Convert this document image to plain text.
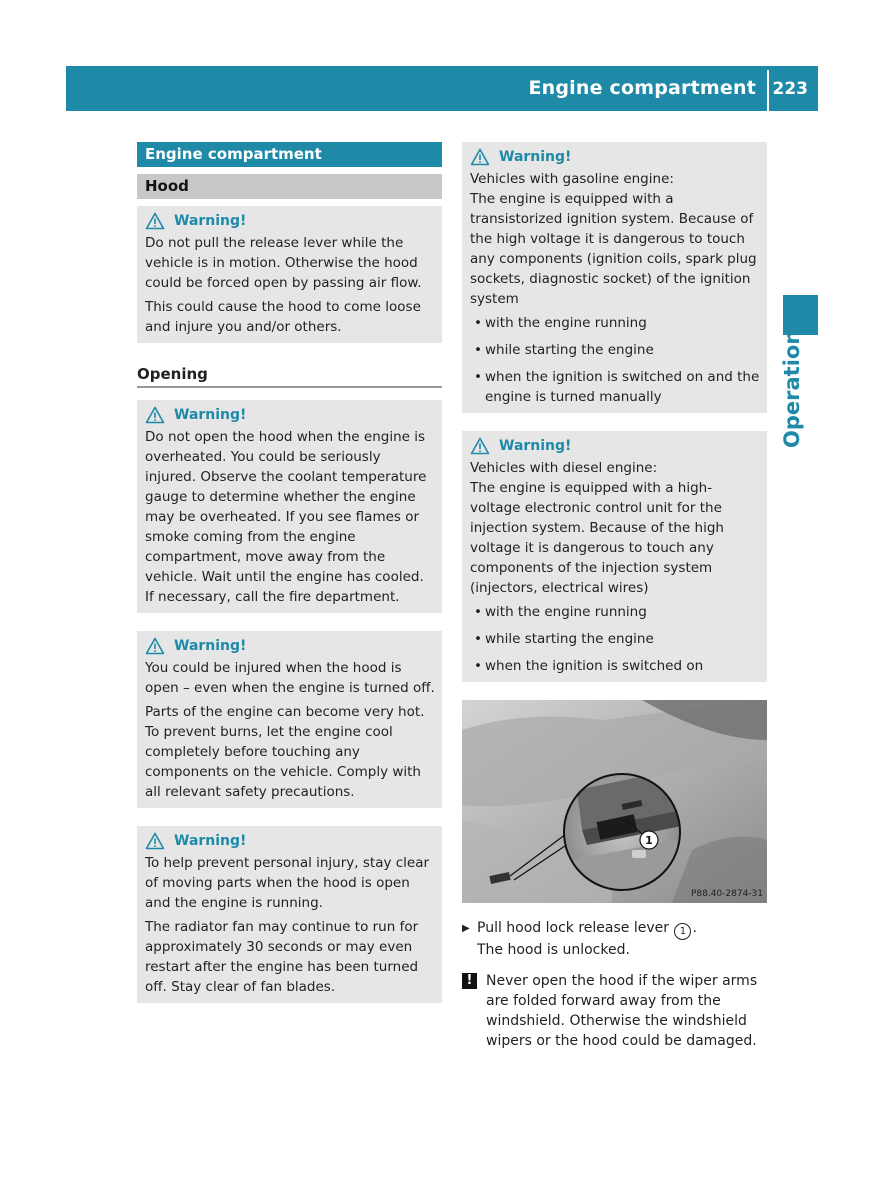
Engine compartment 223
Operation
Engine compartment
Hood
Warning!

Do not pull the release lever while the vehicle is in motion. Otherwise the hood could be forced open by passing air flow.

This could cause the hood to come loose and injure you and/or others.

Opening
Warning!

Do not open the hood when the engine is overheated. You could be seriously injured. Observe the coolant temperature gauge to determine whether the engine may be overheated. If you see flames or smoke coming from the engine compartment, move away from the vehicle. Wait until the engine has cooled. If necessary, call the fire department.

Warning!

You could be injured when the hood is open – even when the engine is turned off.

Parts of the engine can become very hot. To prevent burns, let the engine cool completely before touching any components on the vehicle. Comply with all relevant safety precautions.

Warning!

To help prevent personal injury, stay clear of moving parts when the hood is open and the engine is running.

The radiator fan may continue to run for approximately 30 seconds or may even restart after the engine has been turned off. Stay clear of fan blades.

Warning!

Vehicles with gasoline engine:

The engine is equipped with a transistorized ignition system. Because of the high voltage it is dangerous to touch any components (ignition coils, spark plug sockets, diagnostic socket) of the ignition system

• with the engine running
• while starting the engine
• when the ignition is switched on and the engine is turned manually
Warning!

Vehicles with diesel engine:

The engine is equipped with a high-voltage electronic control unit for the injection system. Because of the high voltage it is dangerous to touch any components of the injection system (injectors, electrical wires)

• with the engine running
• while starting the engine
• when the ignition is switched on
1
P88.40-2874-31
▶ Pull hood lock release lever 1 .
The hood is unlocked.
! Never open the hood if the wiper arms are folded forward away from the windshield. Otherwise the windshield wipers or the hood could be damaged.
